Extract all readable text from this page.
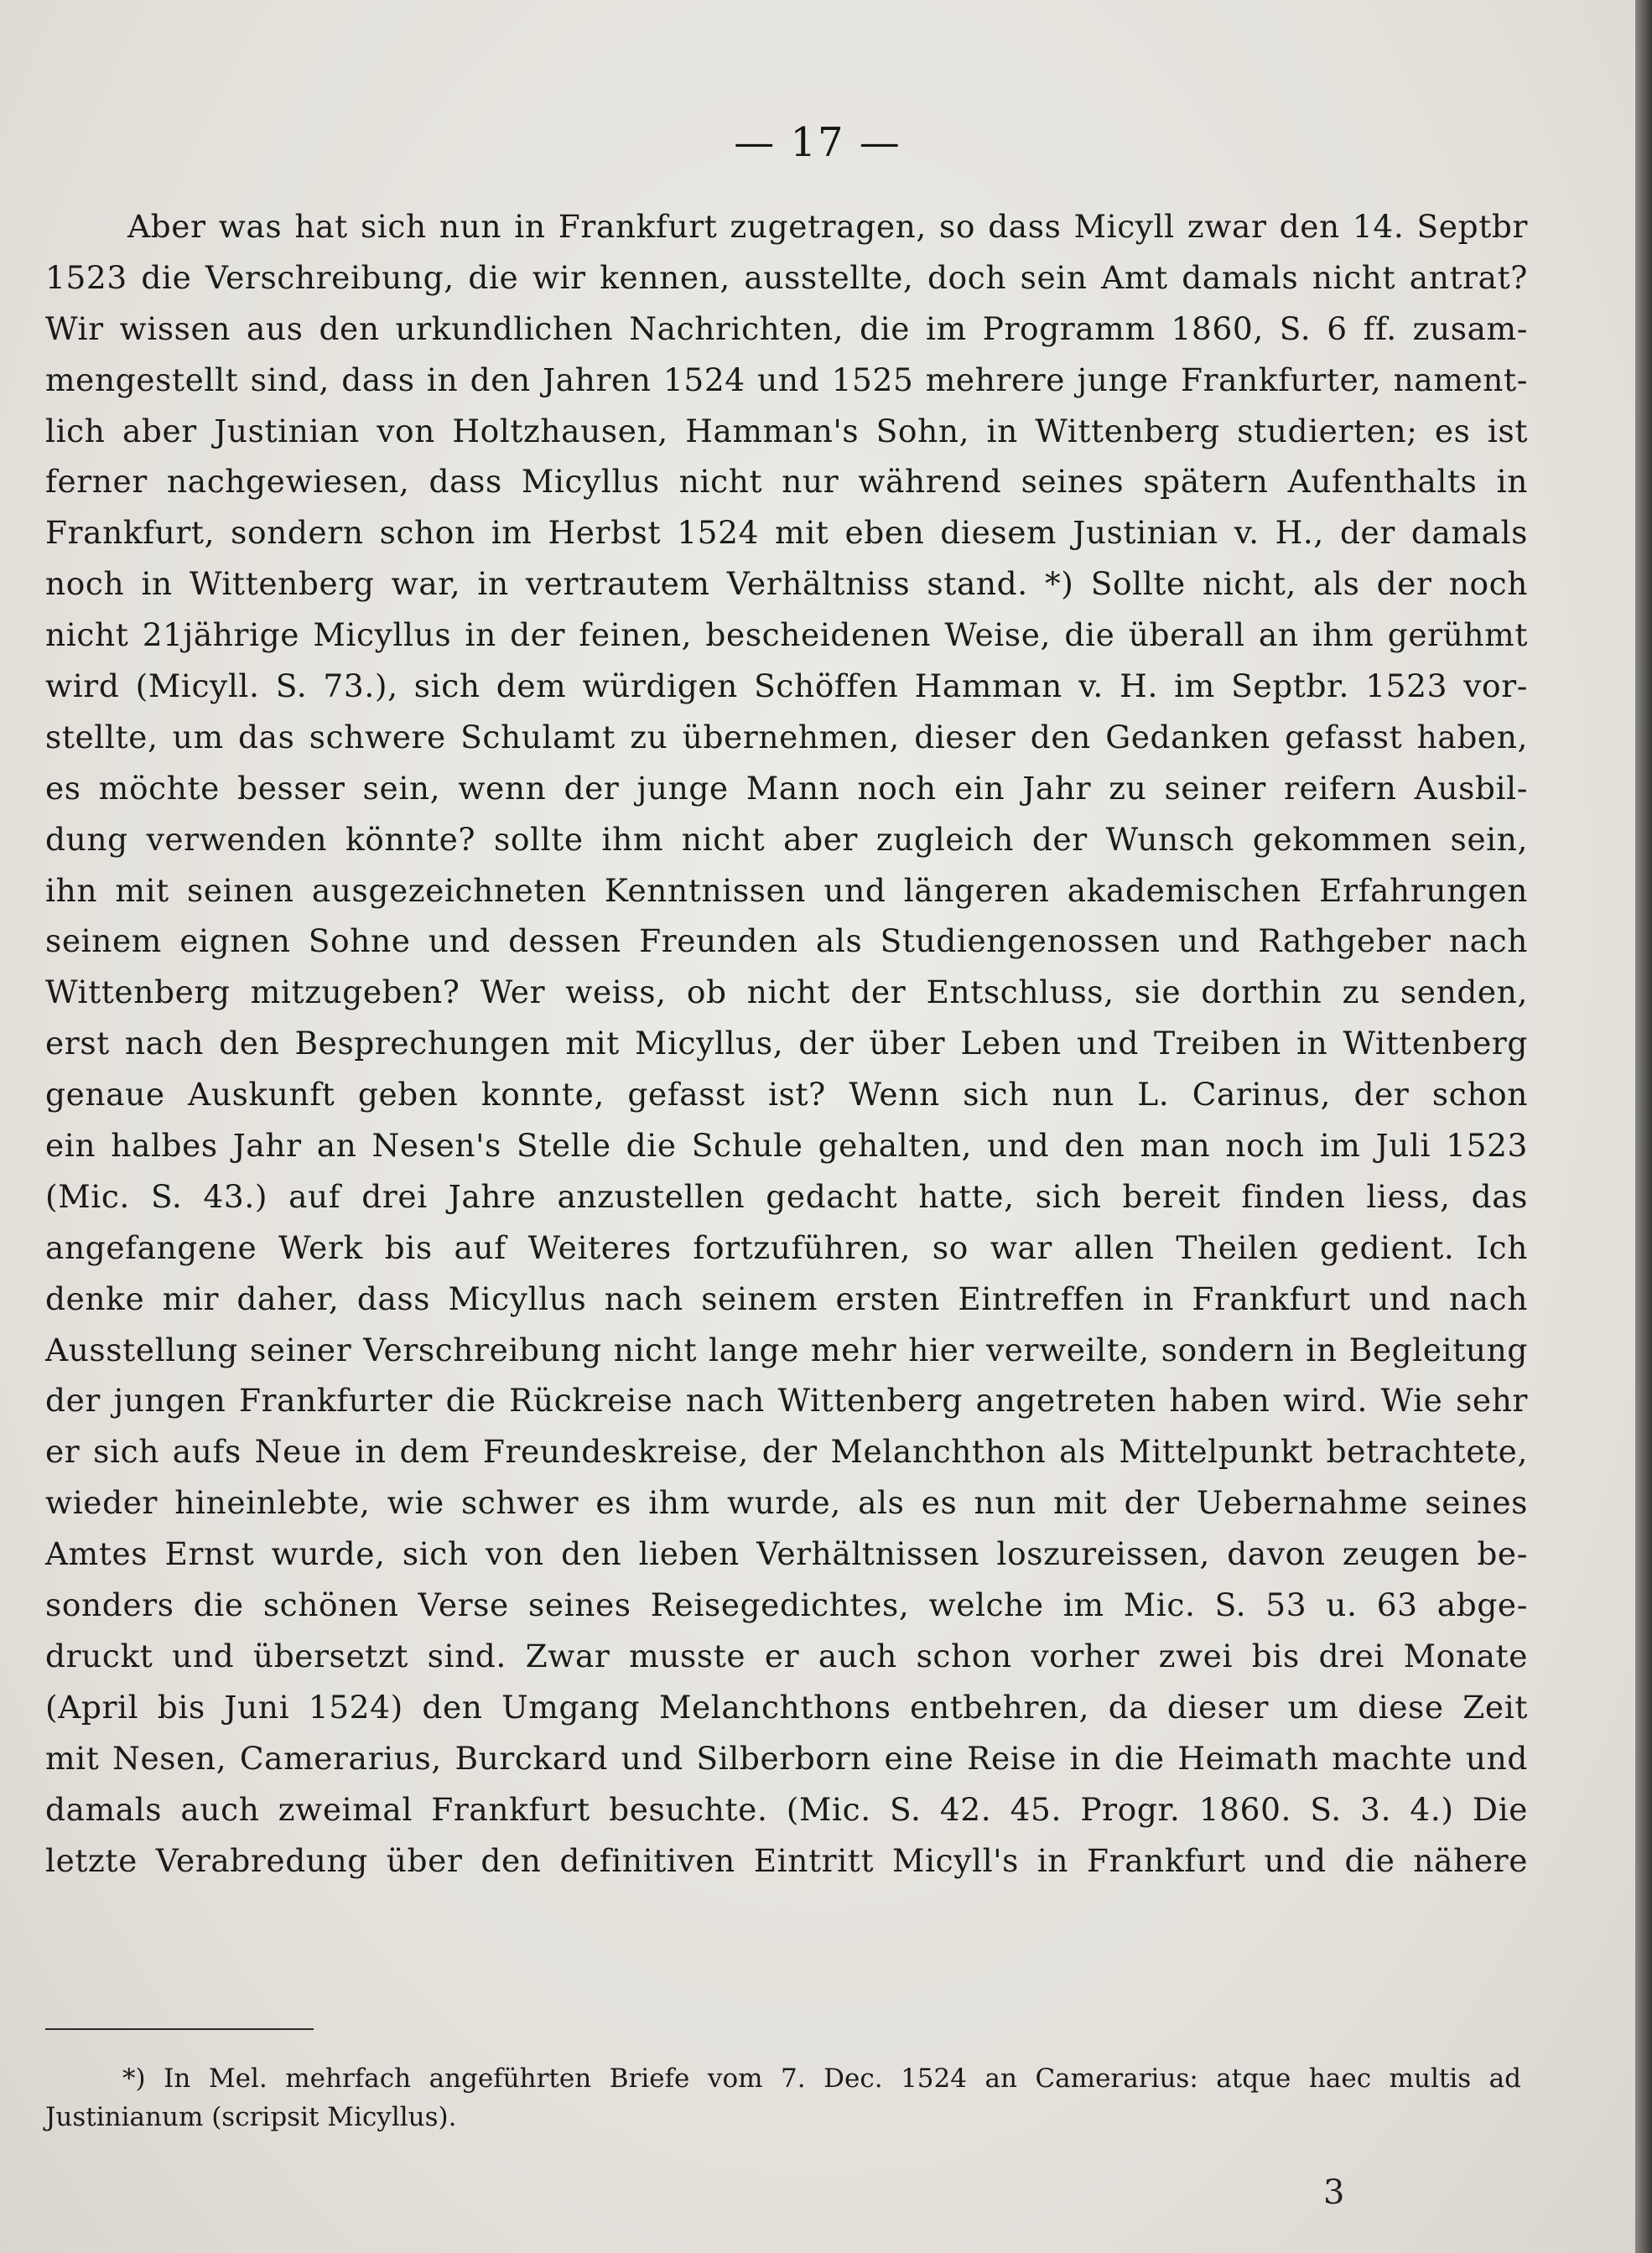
— 17 —
Aber was hat sich nun in Frankfurt zugetragen, so dass Micyll zwar den 14. Septbr
1523 die Verschreibung, die wir kennen, ausstellte, doch sein Amt damals nicht antrat?
Wir wissen aus den urkundlichen Nachrichten, die im Programm 1860, S. 6 ff. zusam-
mengestellt sind, dass in den Jahren 1524 und 1525 mehrere junge Frankfurter, nament-
lich aber Justinian von Holtzhausen, Hamman's Sohn, in Wittenberg studierten; es ist
ferner nachgewiesen, dass Micyllus nicht nur während seines spätern Aufenthalts in
Frankfurt, sondern schon im Herbst 1524 mit eben diesem Justinian v. H., der damals
noch in Wittenberg war, in vertrautem Verhältniss stand. *) Sollte nicht, als der noch
nicht 21jährige Micyllus in der feinen, bescheidenen Weise, die überall an ihm gerühmt
wird (Micyll. S. 73.), sich dem würdigen Schöffen Hamman v. H. im Septbr. 1523 vor-
stellte, um das schwere Schulamt zu übernehmen, dieser den Gedanken gefasst haben,
es möchte besser sein, wenn der junge Mann noch ein Jahr zu seiner reifern Ausbil-
dung verwenden könnte? sollte ihm nicht aber zugleich der Wunsch gekommen sein,
ihn mit seinen ausgezeichneten Kenntnissen und längeren akademischen Erfahrungen
seinem eignen Sohne und dessen Freunden als Studiengenossen und Rathgeber nach
Wittenberg mitzugeben? Wer weiss, ob nicht der Entschluss, sie dorthin zu senden,
erst nach den Besprechungen mit Micyllus, der über Leben und Treiben in Wittenberg
genaue Auskunft geben konnte, gefasst ist? Wenn sich nun L. Carinus, der schon
ein halbes Jahr an Nesen's Stelle die Schule gehalten, und den man noch im Juli 1523
(Mic. S. 43.) auf drei Jahre anzustellen gedacht hatte, sich bereit finden liess, das
angefangene Werk bis auf Weiteres fortzuführen, so war allen Theilen gedient. Ich
denke mir daher, dass Micyllus nach seinem ersten Eintreffen in Frankfurt und nach
Ausstellung seiner Verschreibung nicht lange mehr hier verweilte, sondern in Begleitung
der jungen Frankfurter die Rückreise nach Wittenberg angetreten haben wird. Wie sehr
er sich aufs Neue in dem Freundeskreise, der Melanchthon als Mittelpunkt betrachtete,
wieder hineinlebte, wie schwer es ihm wurde, als es nun mit der Uebernahme seines
Amtes Ernst wurde, sich von den lieben Verhältnissen loszureissen, davon zeugen be-
sonders die schönen Verse seines Reisegedichtes, welche im Mic. S. 53 u. 63 abge-
druckt und übersetzt sind. Zwar musste er auch schon vorher zwei bis drei Monate
(April bis Juni 1524) den Umgang Melanchthons entbehren, da dieser um diese Zeit
mit Nesen, Camerarius, Burckard und Silberborn eine Reise in die Heimath machte und
damals auch zweimal Frankfurt besuchte. (Mic. S. 42. 45. Progr. 1860. S. 3. 4.) Die
letzte Verabredung über den definitiven Eintritt Micyll's in Frankfurt und die nähere
*) In Mel. mehrfach angeführten Briefe vom 7. Dec. 1524 an Camerarius: atque haec multis ad
Justinianum (scripsit Micyllus).
3
